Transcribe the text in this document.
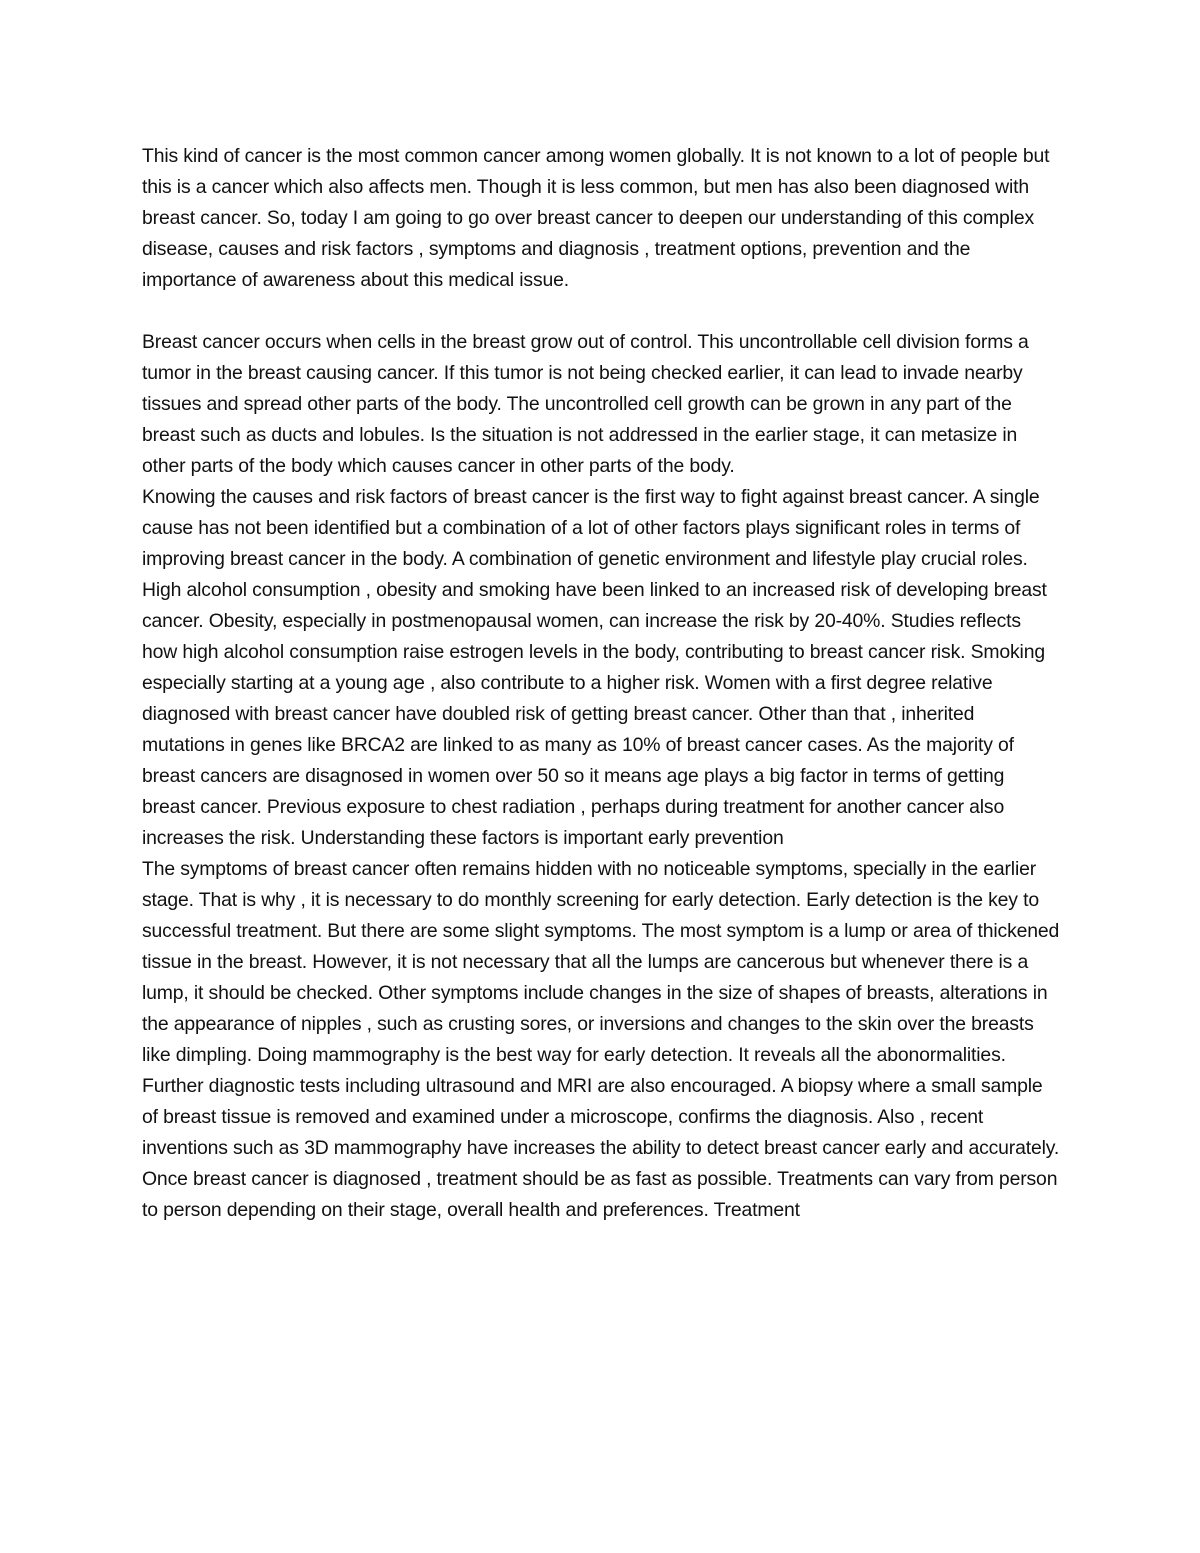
This kind of cancer is the most common cancer among women globally. It is not known to a lot of people but this is a cancer which also affects men. Though it is less common, but men has also been diagnosed with breast cancer. So, today I am going to go over breast cancer to deepen our understanding of this complex disease, causes and risk factors , symptoms and diagnosis , treatment options, prevention and the importance of awareness about this medical issue.

Breast cancer occurs when cells in the breast grow out of control. This uncontrollable cell division forms a tumor in the breast causing cancer. If this tumor is not being checked earlier, it can lead to invade nearby tissues and spread other parts of the body. The uncontrolled cell growth can be grown in any part of the breast such as ducts and lobules. Is the situation is not addressed in the earlier stage, it can metasize in other parts of the body which causes cancer in other parts of the body.

Knowing the causes and risk factors of breast cancer is the first way to fight against breast cancer. A single cause has not been identified but a combination of a lot of other factors plays significant roles in terms of improving breast cancer in the body. A combination of genetic environment and lifestyle play crucial roles. High alcohol consumption , obesity and smoking have been linked to an increased risk of developing breast cancer. Obesity, especially in postmenopausal women, can increase the risk by 20-40%. Studies reflects how high alcohol consumption raise estrogen levels in the body, contributing to breast cancer risk. Smoking especially starting at a young age , also contribute to a higher risk. Women with a first degree relative diagnosed with breast cancer have doubled risk of getting breast cancer. Other than that , inherited mutations in genes like BRCA2 are linked to as many as 10% of breast cancer cases. As the majority of breast cancers are disagnosed in women over 50 so it means age plays a big factor in terms of getting breast cancer. Previous exposure to chest radiation , perhaps during treatment for another cancer also increases the risk. Understanding these factors is important early prevention

The symptoms of breast cancer often remains hidden with no noticeable symptoms, specially in the earlier stage. That is why , it is necessary to do monthly screening for early detection. Early detection is the key to successful treatment. But there are some slight symptoms. The most symptom is a lump or area of thickened tissue in the breast. However, it is not necessary that all the lumps are cancerous but whenever there is a lump, it should be checked. Other symptoms include changes in the size of shapes of breasts, alterations in the appearance of nipples , such as crusting sores, or inversions and changes to the skin over the breasts like dimpling. Doing mammography is the best way for early detection. It reveals all the abonormalities. Further diagnostic tests including ultrasound and MRI are also encouraged. A biopsy where a small sample of breast tissue is removed and examined under a microscope, confirms the diagnosis. Also , recent inventions such as 3D mammography have increases the ability to detect breast cancer early and accurately.

Once breast cancer is diagnosed , treatment should be as fast as possible. Treatments can vary from person to person depending on their stage, overall health and preferences. Treatment
